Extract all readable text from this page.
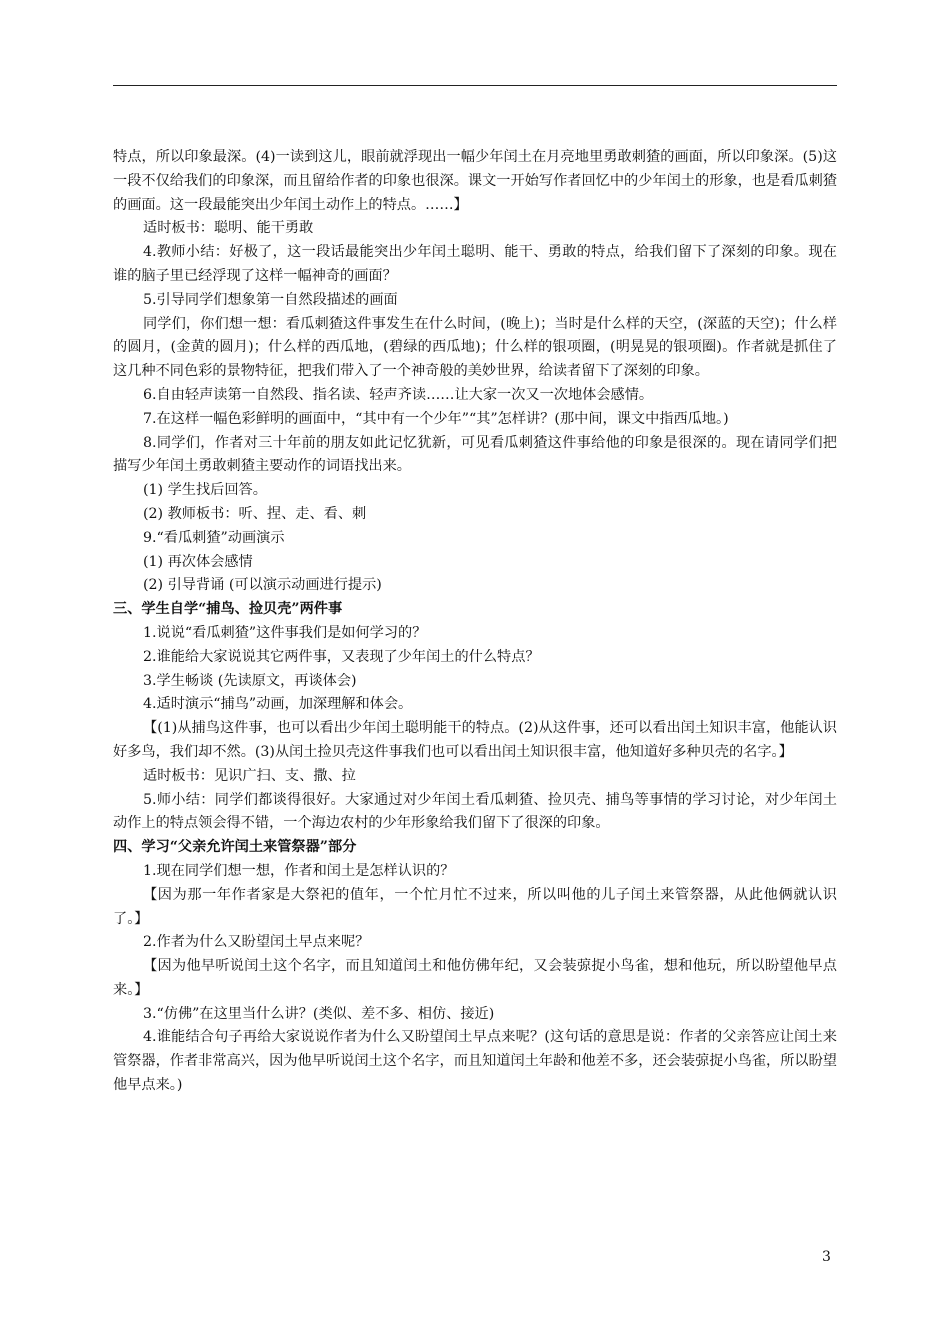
特点，所以印象最深。(4)一读到这儿，眼前就浮现出一幅少年闰土在月亮地里勇敢刺猹的画面，所以印象深。(5)这一段不仅给我们的印象深，而且留给作者的印象也很深。课文一开始写作者回忆中的少年闰土的形象，也是看瓜刺猹的画面。这一段最能突出少年闰土动作上的特点。……】

适时板书：聪明、能干勇敢

4.教师小结：好极了，这一段话最能突出少年闰土聪明、能干、勇敢的特点，给我们留下了深刻的印象。现在谁的脑子里已经浮现了这样一幅神奇的画面？

5.引导同学们想象第一自然段描述的画面

同学们，你们想一想：看瓜刺猹这件事发生在什么时间，(晚上)；当时是什么样的天空，(深蓝的天空)；什么样的圆月，(金黄的圆月)；什么样的西瓜地，(碧绿的西瓜地)；什么样的银项圈，(明晃晃的银项圈)。作者就是抓住了这几种不同色彩的景物特征，把我们带入了一个神奇般的美妙世界，给读者留下了深刻的印象。

6.自由轻声读第一自然段、指名读、轻声齐读……让大家一次又一次地体会感情。

7.在这样一幅色彩鲜明的画面中，“其中有一个少年”“其”怎样讲？(那中间，课文中指西瓜地。)

8.同学们，作者对三十年前的朋友如此记忆犹新，可见看瓜刺猹这件事给他的印象是很深的。现在请同学们把描写少年闰土勇敢刺猹主要动作的词语找出来。

(1) 学生找后回答。

(2) 教师板书：听、捏、走、看、刺

9.“看瓜刺猹”动画演示

(1) 再次体会感情

(2) 引导背诵 (可以演示动画进行提示)

三、学生自学“捕鸟、捡贝壳”两件事

1.说说“看瓜刺猹”这件事我们是如何学习的？

2.谁能给大家说说其它两件事，又表现了少年闰土的什么特点？

3.学生畅谈 (先读原文，再谈体会)

4.适时演示“捕鸟”动画，加深理解和体会。

【(1)从捕鸟这件事，也可以看出少年闰土聪明能干的特点。(2)从这件事，还可以看出闰土知识丰富，他能认识好多鸟，我们却不然。(3)从闰土捡贝壳这件事我们也可以看出闰土知识很丰富，他知道好多种贝壳的名字。】

适时板书：见识广扫、支、撒、拉

5.师小结：同学们都谈得很好。大家通过对少年闰土看瓜刺猹、捡贝壳、捕鸟等事情的学习讨论，对少年闰土动作上的特点领会得不错，一个海边农村的少年形象给我们留下了很深的印象。

四、学习“父亲允许闰土来管祭器”部分

1.现在同学们想一想，作者和闰土是怎样认识的？

【因为那一年作者家是大祭祀的值年，一个忙月忙不过来，所以叫他的儿子闰土来管祭器，从此他俩就认识了。】

2.作者为什么又盼望闰土早点来呢？

【因为他早听说闰土这个名字，而且知道闰土和他仿佛年纪，又会装弶捉小鸟雀，想和他玩，所以盼望他早点来。】

3.“仿佛”在这里当什么讲？(类似、差不多、相仿、接近)

4.谁能结合句子再给大家说说作者为什么又盼望闰土早点来呢？(这句话的意思是说：作者的父亲答应让闰土来管祭器，作者非常高兴，因为他早听说闰土这个名字，而且知道闰土年龄和他差不多，还会装弶捉小鸟雀，所以盼望他早点来。)

3
